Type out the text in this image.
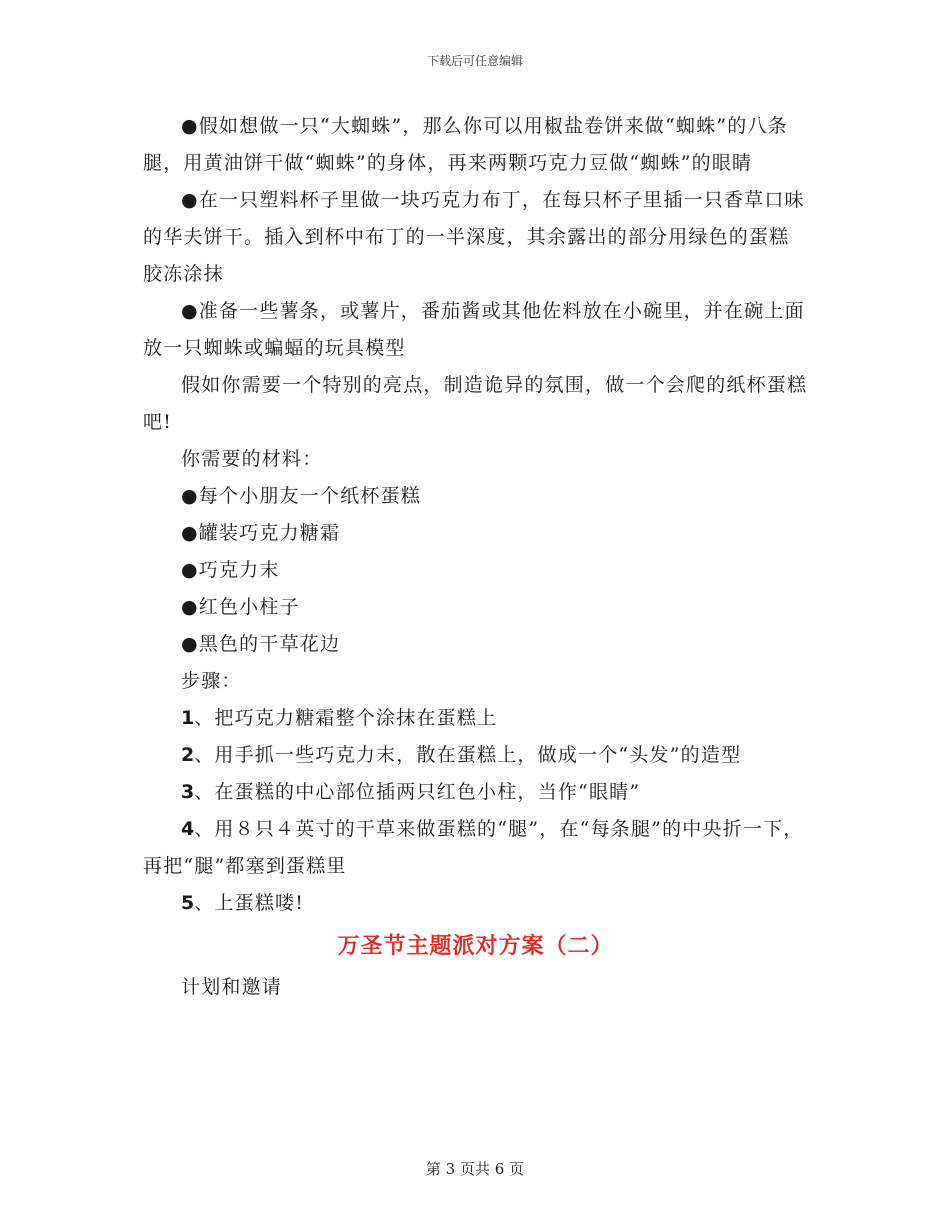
下载后可任意编辑

●假如想做一只“大蜘蛛”，那么你可以用椒盐卷饼来做“蜘蛛”的八条腿，用黄油饼干做“蜘蛛”的身体，再来两颗巧克力豆做“蜘蛛”的眼睛

●在一只塑料杯子里做一块巧克力布丁，在每只杯子里插一只香草口味的华夫饼干。插入到杯中布丁的一半深度，其余露出的部分用绿色的蛋糕胶冻涂抹

●准备一些薯条，或薯片，番茄酱或其他佐料放在小碗里，并在碗上面放一只蜘蛛或蝙蝠的玩具模型

假如你需要一个特别的亮点，制造诡异的氛围，做一个会爬的纸杯蛋糕吧!

你需要的材料：

●每个小朋友一个纸杯蛋糕

●罐装巧克力糖霜

●巧克力末

●红色小柱子

●黑色的干草花边

步骤：

1、把巧克力糖霜整个涂抹在蛋糕上

2、用手抓一些巧克力末，散在蛋糕上，做成一个“头发”的造型

3、在蛋糕的中心部位插两只红色小柱，当作“眼睛”

4、用８只４英寸的干草来做蛋糕的“腿”，在“每条腿”的中央折一下，再把“腿”都塞到蛋糕里

5、上蛋糕喽!

万圣节主题派对方案（二）

计划和邀请

第 3 页共 6 页
